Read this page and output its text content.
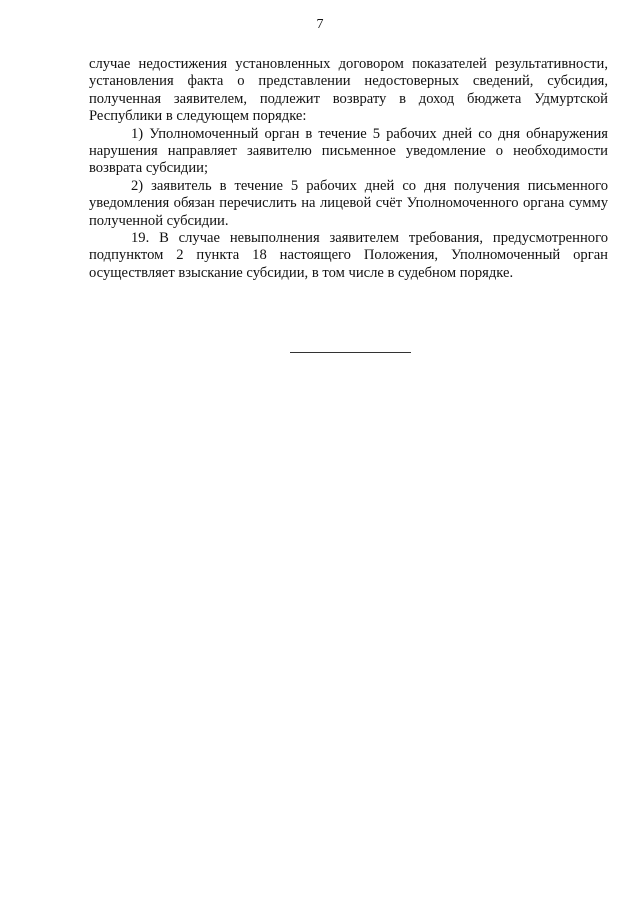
7

случае недостижения установленных договором показателей результативности, установления факта о представлении недостоверных сведений, субсидия, полученная заявителем, подлежит возврату в доход бюджета Удмуртской Республики в следующем порядке:

1) Уполномоченный орган в течение 5 рабочих дней со дня обнаружения нарушения направляет заявителю письменное уведомление о необходимости возврата субсидии;

2) заявитель в течение 5 рабочих дней со дня получения письменного уведомления обязан перечислить на лицевой счёт Уполномоченного органа сумму полученной субсидии.

19. В случае невыполнения заявителем требования, предусмотренного подпунктом 2 пункта 18 настоящего Положения, Уполномоченный орган осуществляет взыскание субсидии, в том числе в судебном порядке.
